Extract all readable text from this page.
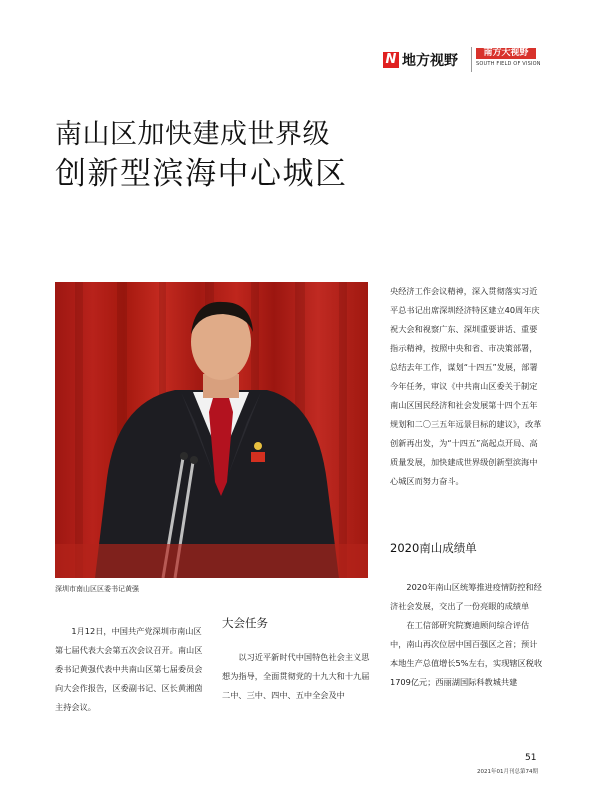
N 地方视野	南方大视野
SOUTH FIELD OF VISION
南山区加快建成世界级
创新型滨海中心城区
深圳市南山区区委书记黄强
1月12日，中国共产党深圳市南山区第七届代表大会第五次会议召开。南山区委书记黄强代表中共南山区第七届委员会向大会作报告，区委副书记、区长黄湘茵主持会议。
大会任务
以习近平新时代中国特色社会主义思想为指导，全面贯彻党的十九大和十九届二中、三中、四中、五中全会及中
央经济工作会议精神，深入贯彻落实习近平总书记出席深圳经济特区建立40周年庆祝大会和视察广东、深圳重要讲话、重要指示精神，按照中央和省、市决策部署，总结去年工作，谋划“十四五”发展，部署今年任务，审议《中共南山区委关于制定南山区国民经济和社会发展第十四个五年规划和二〇三五年远景目标的建议》，改革创新再出发，为“十四五”高起点开局、高质量发展，加快建成世界级创新型滨海中心城区而努力奋斗。
2020南山成绩单
2020年南山区统筹推进疫情防控和经济社会发展，交出了一份亮眼的成绩单
在工信部研究院赛迪顾问综合评估中，南山再次位居中国百强区之首；预计本地生产总值增长5%左右，实现辖区税收1709亿元；西丽湖国际科教城共建
51
2021年01月刊总第74期
